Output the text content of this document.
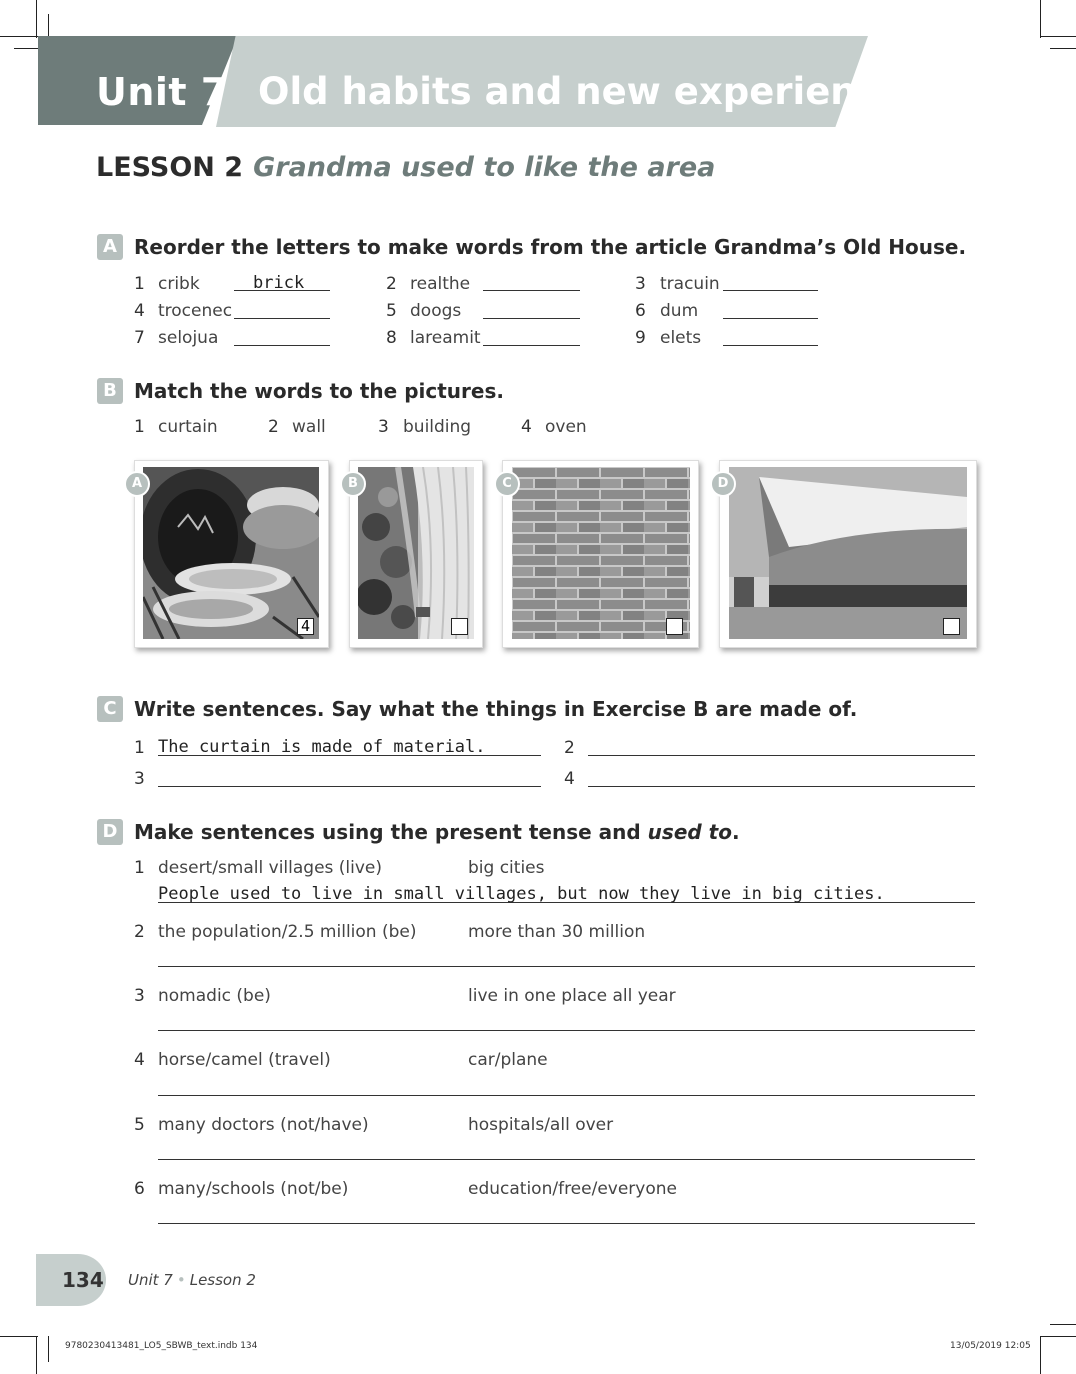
Unit 7 Old habits and new experiences
LESSON 2 Grandma used to like the area
A Reorder the letters to make words from the article Grandma’s Old House.
1 cribk	brick	2 realthe	3 tracuin
4 trocenec	5 doogs	6 dum
7 selojua	8 lareamit	9 elets
B Match the words to the pictures.
1 curtain	2 wall	3 building	4 oven
4
A	B	C	D
C Write sentences. Say what the things in Exercise B are made of.
1 The curtain is made of material.	2
3	4
D Make sentences using the present tense and used to.
1 desert/small villages (live)	big cities
People used to live in small villages, but now they live in big cities.
2 the population/2.5 million (be)	more than 30 million
3 nomadic (be)	live in one place all year
4 horse/camel (travel)	car/plane
5 many doctors (not/have)	hospitals/all over
6 many/schools (not/be)	education/free/everyone
134 Unit 7 • Lesson 2
9780230413481_LO5_SBWB_text.indb 134	13/05/2019 12:05
